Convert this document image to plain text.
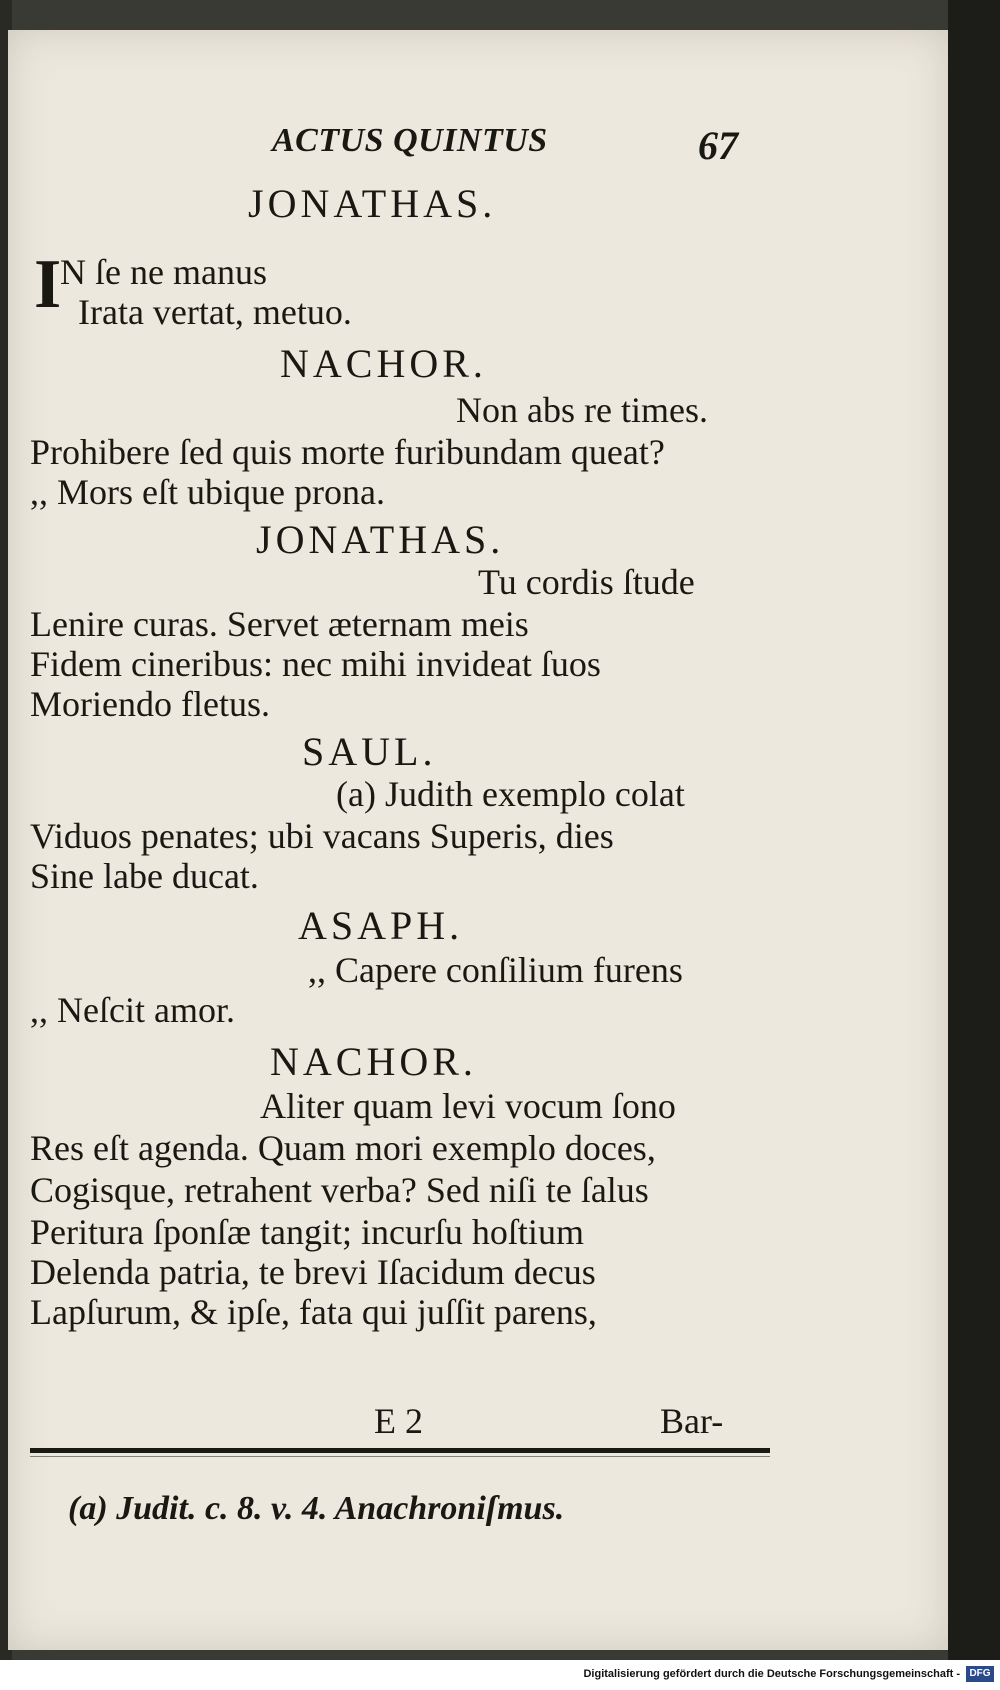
ACTUS QUINTUS	67
JONATHAS.
I
N ſe ne manus
Irata vertat, metuo.
NACHOR.
Non abs re times.
Prohibere ſed quis morte furibundam queat?
,, Mors eſt ubique prona.
JONATHAS.
Tu cordis ſtude
Lenire curas. Servet æternam meis
Fidem cineribus: nec mihi invideat ſuos
Moriendo fletus.
SAUL.
(a) Judith exemplo colat
Viduos penates; ubi vacans Superis, dies
Sine labe ducat.
ASAPH.
,, Capere conſilium furens
,, Neſcit amor.
NACHOR.
Aliter quam levi vocum ſono
Res eſt agenda. Quam mori exemplo doces,
Cogisque, retrahent verba? Sed niſi te ſalus
Peritura ſponſæ tangit; incurſu hoſtium
Delenda patria, te brevi Iſacidum decus
Lapſurum, & ipſe, fata qui juſſit parens,
E 2	Bar-
(a) Judit. c. 8. v. 4. Anachroniſmus.
Digitalisierung gefördert durch die Deutsche Forschungsgemeinschaft - DFG
